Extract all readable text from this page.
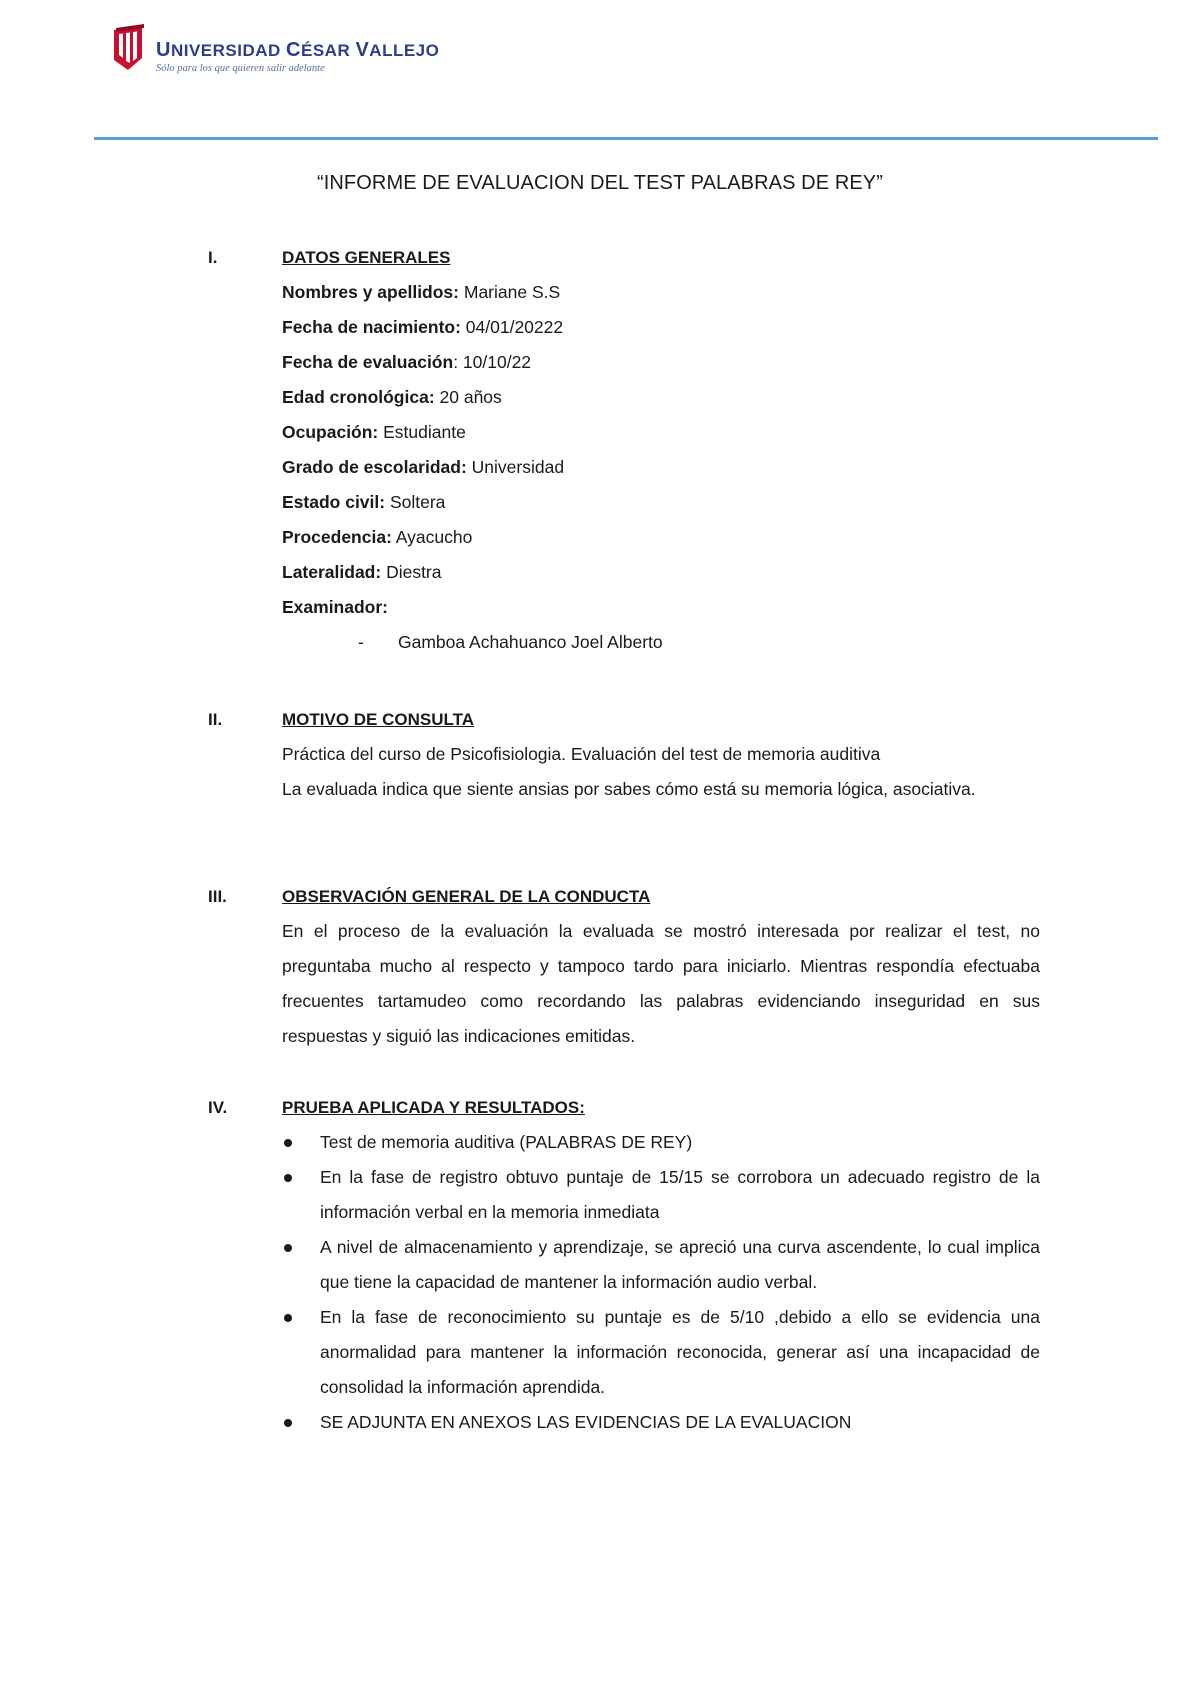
UNIVERSIDAD CÉSAR VALLEJO
Sólo para los que quieren salir adelante
“INFORME DE EVALUACION DEL TEST PALABRAS DE REY”
I.	DATOS GENERALES
Nombres y apellidos: Mariane S.S
Fecha de nacimiento: 04/01/20222
Fecha de evaluación: 10/10/22
Edad cronológica: 20 años
Ocupación: Estudiante
Grado de escolaridad: Universidad
Estado civil: Soltera
Procedencia: Ayacucho
Lateralidad: Diestra
Examinador:
- Gamboa Achahuanco Joel Alberto
II.	MOTIVO DE CONSULTA
Práctica del curso de Psicofisiologia. Evaluación del test de memoria auditiva
La evaluada indica que siente ansias por sabes cómo está su memoria lógica, asociativa.
III.	OBSERVACIÓN GENERAL DE LA CONDUCTA
En el proceso de la evaluación la evaluada se mostró interesada por realizar el test, no preguntaba mucho al respecto y tampoco tardo para iniciarlo. Mientras respondía efectuaba frecuentes tartamudeo como recordando las palabras evidenciando inseguridad en sus respuestas y siguió las indicaciones emitidas.
IV.	PRUEBA APLICADA Y RESULTADOS:
Test de memoria auditiva (PALABRAS DE REY)
En la fase de registro obtuvo puntaje de 15/15 se corrobora un adecuado registro de la información verbal en la memoria inmediata
A nivel de almacenamiento y aprendizaje, se apreció una curva ascendente, lo cual implica que tiene la capacidad de mantener la información audio verbal.
En la fase de reconocimiento su puntaje es de 5/10 ,debido a ello se evidencia una anormalidad para mantener la información reconocida, generar así una incapacidad de consolidad la información aprendida.
SE ADJUNTA EN ANEXOS LAS EVIDENCIAS DE LA EVALUACION
